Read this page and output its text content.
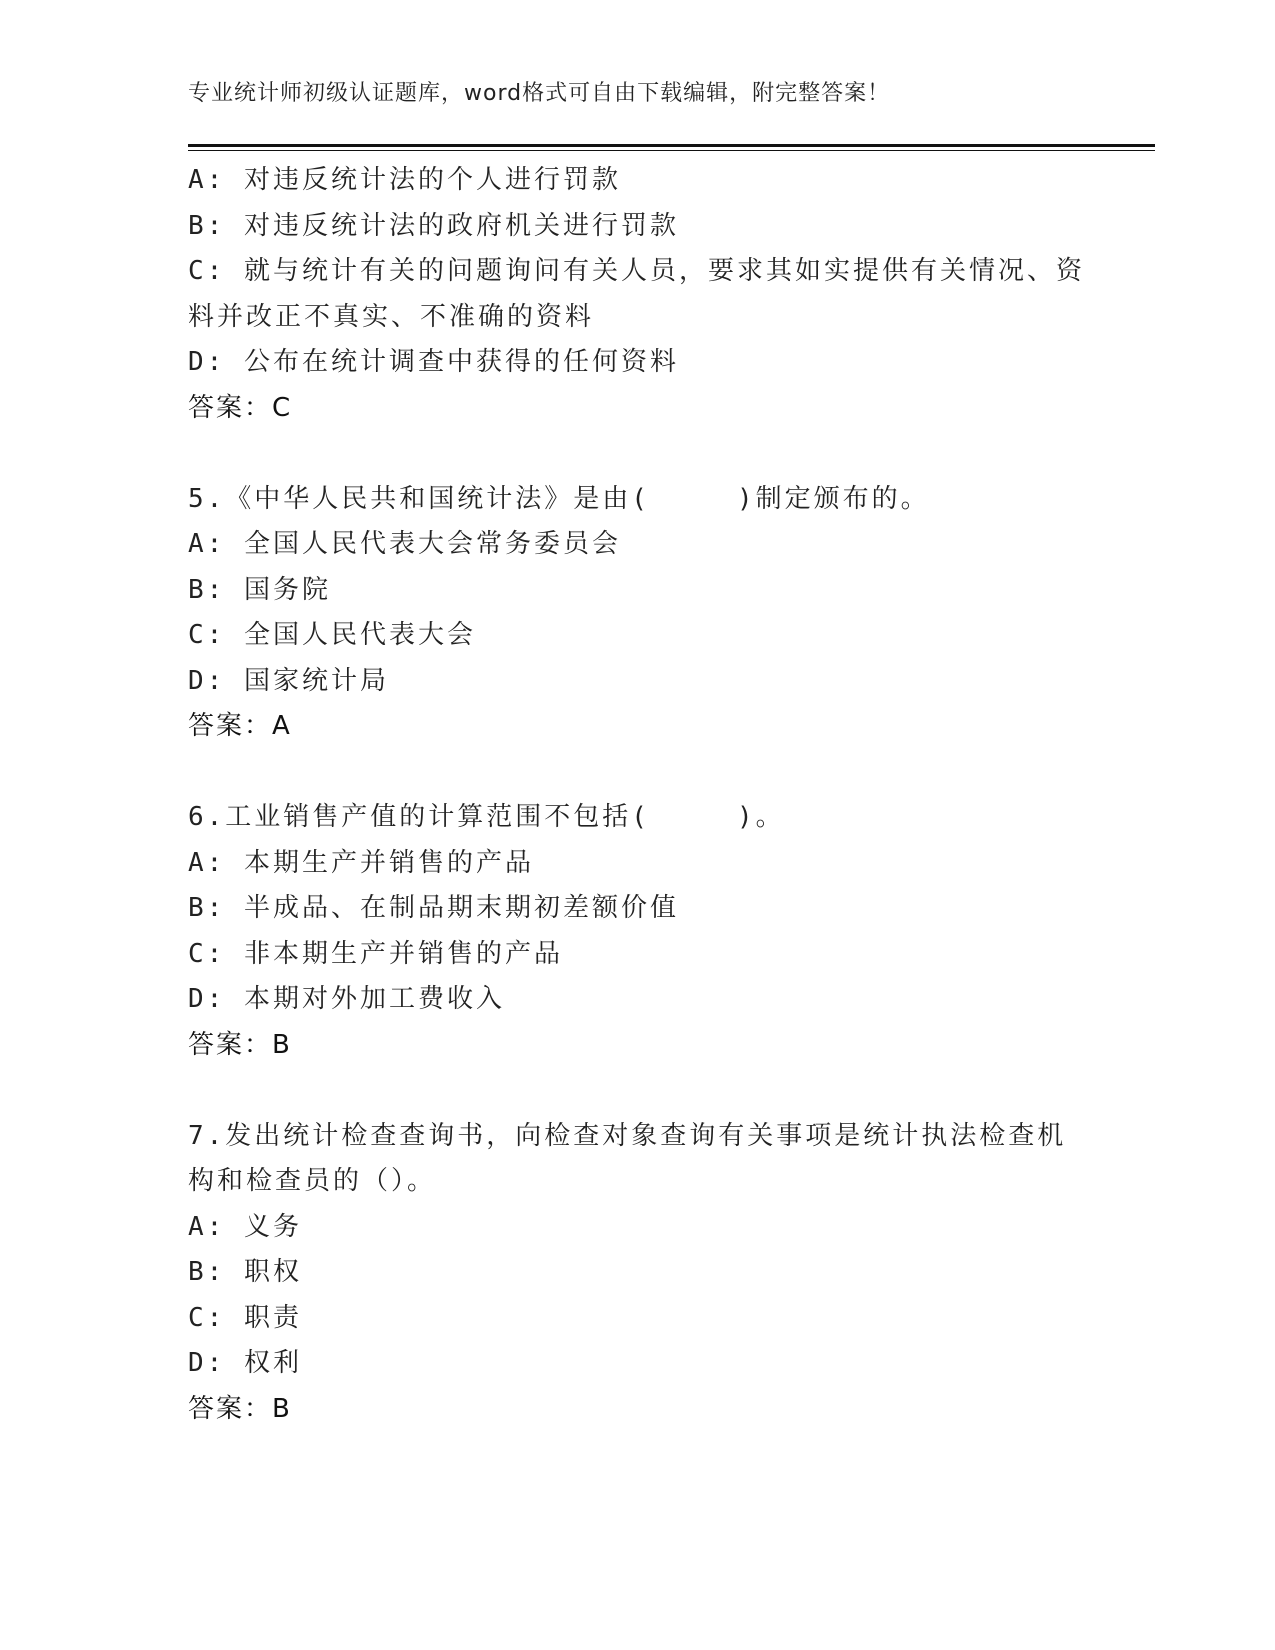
专业统计师初级认证题库，word格式可自由下载编辑，附完整答案！
A: 对违反统计法的个人进行罚款
B: 对违反统计法的政府机关进行罚款
C: 就与统计有关的问题询问有关人员，要求其如实提供有关情况、资
料并改正不真实、不准确的资料
D: 公布在统计调查中获得的任何资料
答案：C
5.《中华人民共和国统计法》是由(　　　)制定颁布的。
A: 全国人民代表大会常务委员会
B: 国务院
C: 全国人民代表大会
D: 国家统计局
答案：A
6.工业销售产值的计算范围不包括(　　　)。
A: 本期生产并销售的产品
B: 半成品、在制品期末期初差额价值
C: 非本期生产并销售的产品
D: 本期对外加工费收入
答案：B
7.发出统计检查查询书，向检查对象查询有关事项是统计执法检查机
构和检查员的（）。
A: 义务
B: 职权
C: 职责
D: 权利
答案：B
